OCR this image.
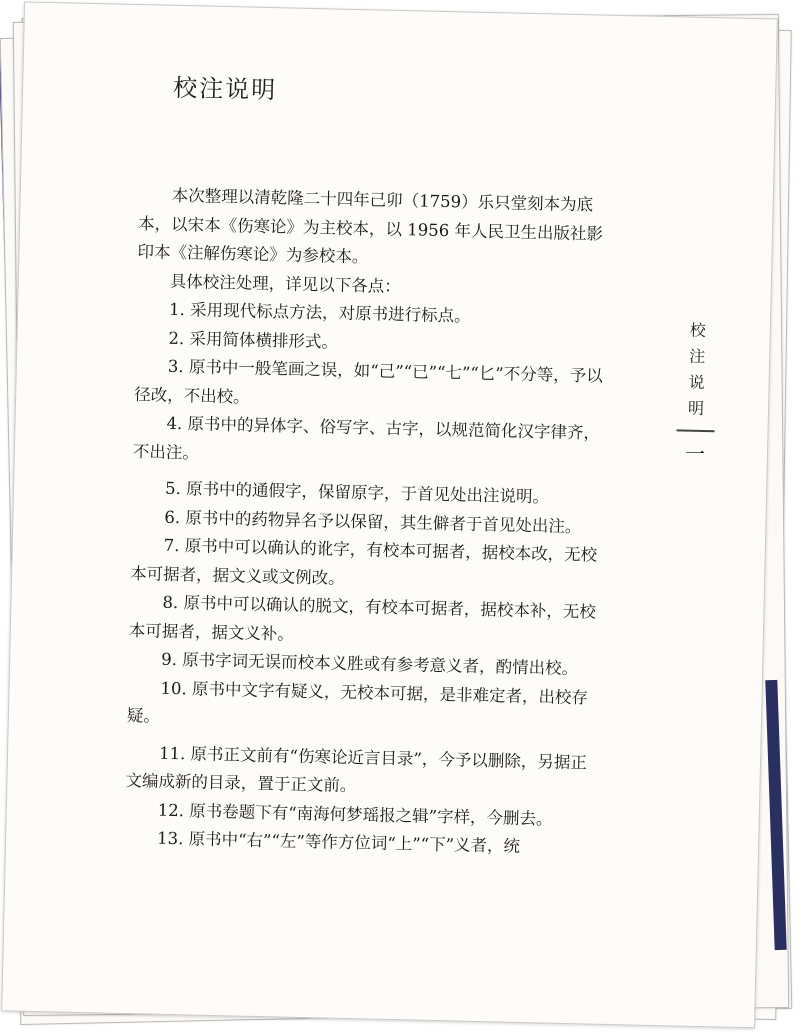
校注说明

本次整理以清乾隆二十四年己卯（1759）乐只堂刻本为底本，以宋本《伤寒论》为主校本，以 1956 年人民卫生出版社影印本《注解伤寒论》为参校本。

具体校注处理，详见以下各点：

1. 采用现代标点方法，对原书进行标点。

2. 采用简体横排形式。

3. 原书中一般笔画之误，如“己”“已”“七”“匕”不分等，予以径改，不出校。

4. 原书中的异体字、俗写字、古字，以规范简化汉字律齐，不出注。

5. 原书中的通假字，保留原字，于首见处出注说明。

6. 原书中的药物异名予以保留，其生僻者于首见处出注。

7. 原书中可以确认的讹字，有校本可据者，据校本改，无校本可据者，据文义或文例改。

8. 原书中可以确认的脱文，有校本可据者，据校本补，无校本可据者，据文义补。

9. 原书字词无误而校本义胜或有参考意义者，酌情出校。

10. 原书中文字有疑义，无校本可据，是非难定者，出校存疑。

11. 原书正文前有“伤寒论近言目录”，今予以删除，另据正文编成新的目录，置于正文前。

12. 原书卷题下有“南海何梦瑶报之辑”字样，今删去。

13. 原书中“右”“左”等作方位词“上”“下”义者，统

校
注
说
明
一
